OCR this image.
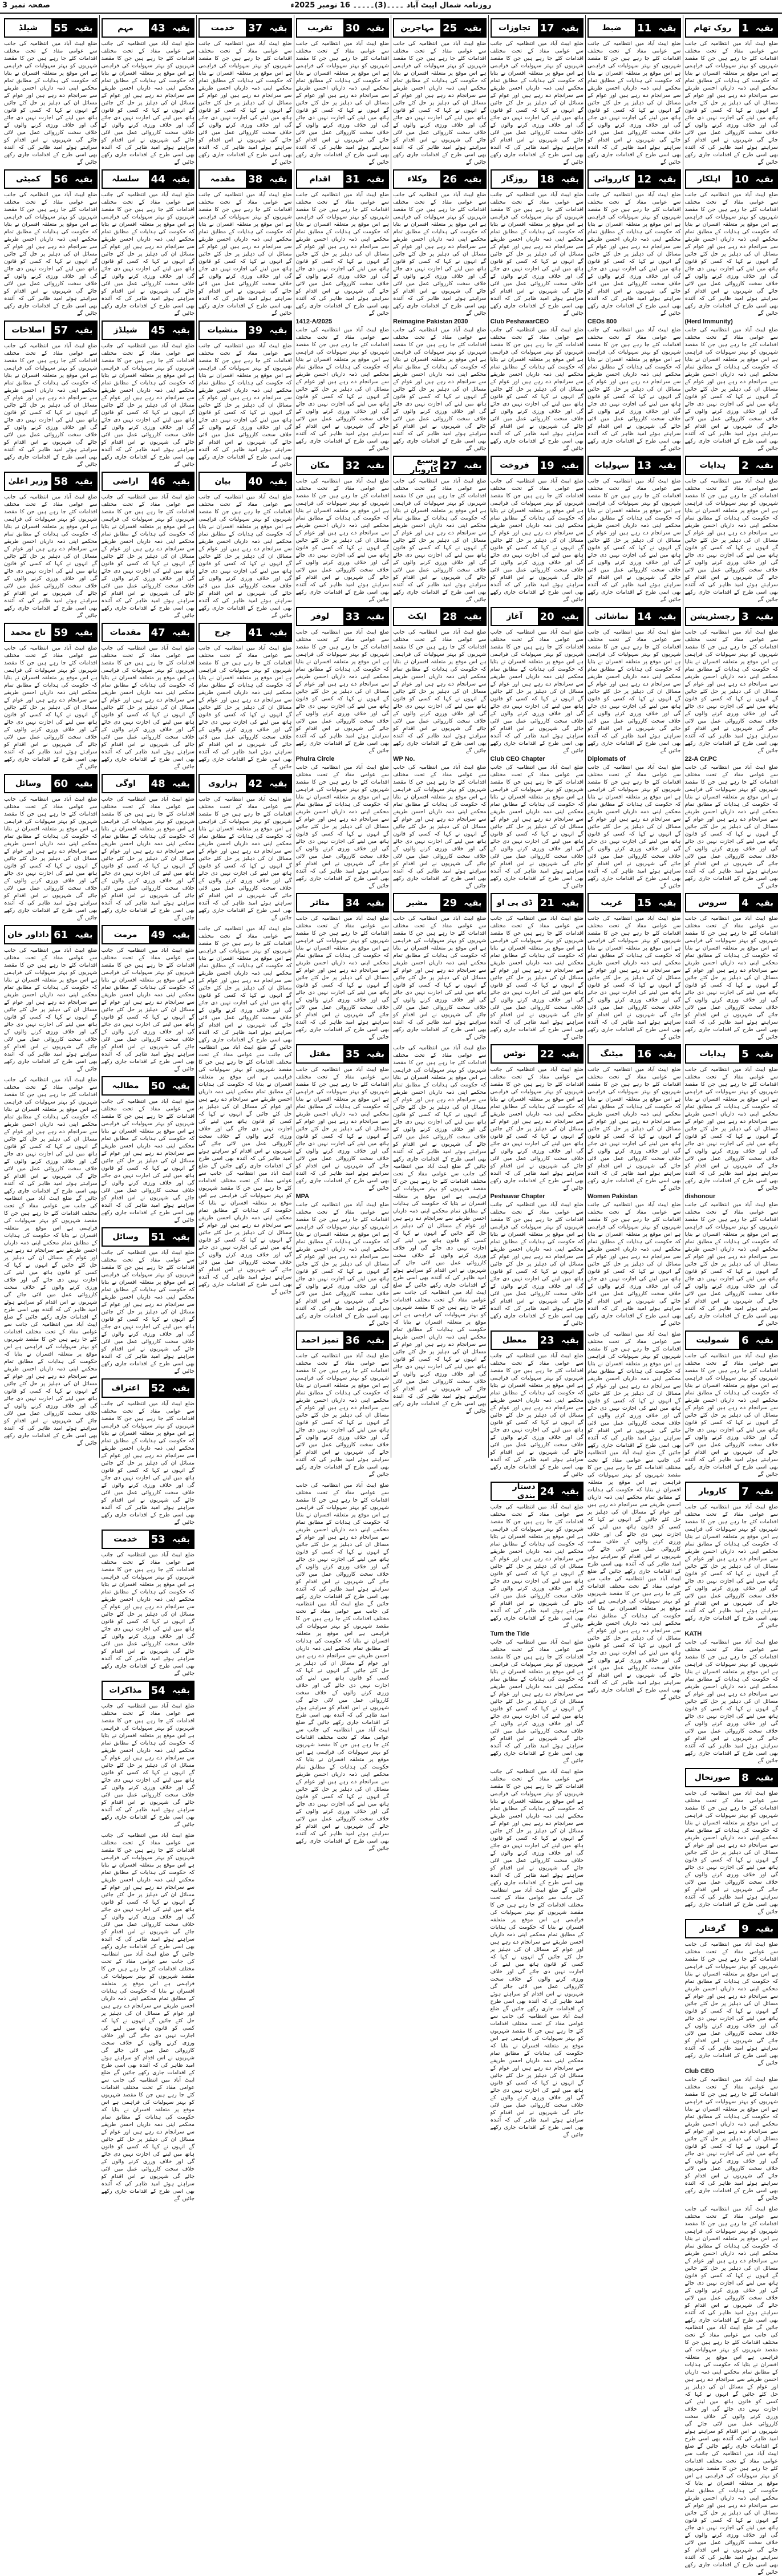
روزنامہ شمال ایبٹ آباد ۔۔۔۔(3)۔۔۔۔۔ 16 نومبر 2025ء
صفحہ نمبر 3
بقیہ
1
روک تھام
ضلع ایبٹ آباد میں انتظامیہ کی جانب سے عوامی مفاد کے تحت مختلف اقدامات کئے جا رہے ہیں جن کا مقصد شہریوں کو بہتر سہولیات کی فراہمی ہے اس موقع پر متعلقہ افسران نے بتایا کہ حکومت کی ہدایات کے مطابق تمام محکمے اپنی ذمہ داریاں احسن طریقے سے سرانجام دے رہے ہیں اور عوام کے مسائل ان کی دہلیز پر حل کئے جائیں گے انہوں نے کہا کہ کسی کو قانون ہاتھ میں لینے کی اجازت نہیں دی جائے گی اور خلاف ورزی کرنے والوں کے خلاف سخت کارروائی عمل میں لائی جائے گی شہریوں نے اس اقدام کو سراہتے ہوئے امید ظاہر کی کہ آئندہ بھی اسی طرح کے اقدامات جاری رکھے جائیں گے
بقیہ
10
اہلکار
ضلع ایبٹ آباد میں انتظامیہ کی جانب سے عوامی مفاد کے تحت مختلف اقدامات کئے جا رہے ہیں جن کا مقصد شہریوں کو بہتر سہولیات کی فراہمی ہے اس موقع پر متعلقہ افسران نے بتایا کہ حکومت کی ہدایات کے مطابق تمام محکمے اپنی ذمہ داریاں احسن طریقے سے سرانجام دے رہے ہیں اور عوام کے مسائل ان کی دہلیز پر حل کئے جائیں گے انہوں نے کہا کہ کسی کو قانون ہاتھ میں لینے کی اجازت نہیں دی جائے گی اور خلاف ورزی کرنے والوں کے خلاف سخت کارروائی عمل میں لائی جائے گی شہریوں نے اس اقدام کو سراہتے ہوئے امید ظاہر کی کہ آئندہ بھی اسی طرح کے اقدامات جاری رکھے جائیں گے
(Herd Immunity)
ضلع ایبٹ آباد میں انتظامیہ کی جانب سے عوامی مفاد کے تحت مختلف اقدامات کئے جا رہے ہیں جن کا مقصد شہریوں کو بہتر سہولیات کی فراہمی ہے اس موقع پر متعلقہ افسران نے بتایا کہ حکومت کی ہدایات کے مطابق تمام محکمے اپنی ذمہ داریاں احسن طریقے سے سرانجام دے رہے ہیں اور عوام کے مسائل ان کی دہلیز پر حل کئے جائیں گے انہوں نے کہا کہ کسی کو قانون ہاتھ میں لینے کی اجازت نہیں دی جائے گی اور خلاف ورزی کرنے والوں کے خلاف سخت کارروائی عمل میں لائی جائے گی شہریوں نے اس اقدام کو سراہتے ہوئے امید ظاہر کی کہ آئندہ بھی اسی طرح کے اقدامات جاری رکھے جائیں گے
بقیہ
2
ہدایات
ضلع ایبٹ آباد میں انتظامیہ کی جانب سے عوامی مفاد کے تحت مختلف اقدامات کئے جا رہے ہیں جن کا مقصد شہریوں کو بہتر سہولیات کی فراہمی ہے اس موقع پر متعلقہ افسران نے بتایا کہ حکومت کی ہدایات کے مطابق تمام محکمے اپنی ذمہ داریاں احسن طریقے سے سرانجام دے رہے ہیں اور عوام کے مسائل ان کی دہلیز پر حل کئے جائیں گے انہوں نے کہا کہ کسی کو قانون ہاتھ میں لینے کی اجازت نہیں دی جائے گی اور خلاف ورزی کرنے والوں کے خلاف سخت کارروائی عمل میں لائی جائے گی شہریوں نے اس اقدام کو سراہتے ہوئے امید ظاہر کی کہ آئندہ بھی اسی طرح کے اقدامات جاری رکھے جائیں گے
بقیہ
3
رجسٹریشن
ضلع ایبٹ آباد میں انتظامیہ کی جانب سے عوامی مفاد کے تحت مختلف اقدامات کئے جا رہے ہیں جن کا مقصد شہریوں کو بہتر سہولیات کی فراہمی ہے اس موقع پر متعلقہ افسران نے بتایا کہ حکومت کی ہدایات کے مطابق تمام محکمے اپنی ذمہ داریاں احسن طریقے سے سرانجام دے رہے ہیں اور عوام کے مسائل ان کی دہلیز پر حل کئے جائیں گے انہوں نے کہا کہ کسی کو قانون ہاتھ میں لینے کی اجازت نہیں دی جائے گی اور خلاف ورزی کرنے والوں کے خلاف سخت کارروائی عمل میں لائی جائے گی شہریوں نے اس اقدام کو سراہتے ہوئے امید ظاہر کی کہ آئندہ بھی اسی طرح کے اقدامات جاری رکھے جائیں گے
22-A Cr.PC
ضلع ایبٹ آباد میں انتظامیہ کی جانب سے عوامی مفاد کے تحت مختلف اقدامات کئے جا رہے ہیں جن کا مقصد شہریوں کو بہتر سہولیات کی فراہمی ہے اس موقع پر متعلقہ افسران نے بتایا کہ حکومت کی ہدایات کے مطابق تمام محکمے اپنی ذمہ داریاں احسن طریقے سے سرانجام دے رہے ہیں اور عوام کے مسائل ان کی دہلیز پر حل کئے جائیں گے انہوں نے کہا کہ کسی کو قانون ہاتھ میں لینے کی اجازت نہیں دی جائے گی اور خلاف ورزی کرنے والوں کے خلاف سخت کارروائی عمل میں لائی جائے گی شہریوں نے اس اقدام کو سراہتے ہوئے امید ظاہر کی کہ آئندہ بھی اسی طرح کے اقدامات جاری رکھے جائیں گے
بقیہ
4
سروس
ضلع ایبٹ آباد میں انتظامیہ کی جانب سے عوامی مفاد کے تحت مختلف اقدامات کئے جا رہے ہیں جن کا مقصد شہریوں کو بہتر سہولیات کی فراہمی ہے اس موقع پر متعلقہ افسران نے بتایا کہ حکومت کی ہدایات کے مطابق تمام محکمے اپنی ذمہ داریاں احسن طریقے سے سرانجام دے رہے ہیں اور عوام کے مسائل ان کی دہلیز پر حل کئے جائیں گے انہوں نے کہا کہ کسی کو قانون ہاتھ میں لینے کی اجازت نہیں دی جائے گی اور خلاف ورزی کرنے والوں کے خلاف سخت کارروائی عمل میں لائی جائے گی شہریوں نے اس اقدام کو سراہتے ہوئے امید ظاہر کی کہ آئندہ بھی اسی طرح کے اقدامات جاری رکھے جائیں گے
بقیہ
5
ہدایات
ضلع ایبٹ آباد میں انتظامیہ کی جانب سے عوامی مفاد کے تحت مختلف اقدامات کئے جا رہے ہیں جن کا مقصد شہریوں کو بہتر سہولیات کی فراہمی ہے اس موقع پر متعلقہ افسران نے بتایا کہ حکومت کی ہدایات کے مطابق تمام محکمے اپنی ذمہ داریاں احسن طریقے سے سرانجام دے رہے ہیں اور عوام کے مسائل ان کی دہلیز پر حل کئے جائیں گے انہوں نے کہا کہ کسی کو قانون ہاتھ میں لینے کی اجازت نہیں دی جائے گی اور خلاف ورزی کرنے والوں کے خلاف سخت کارروائی عمل میں لائی جائے گی شہریوں نے اس اقدام کو سراہتے ہوئے امید ظاہر کی کہ آئندہ بھی اسی طرح کے اقدامات جاری رکھے جائیں گے
dishonour
ضلع ایبٹ آباد میں انتظامیہ کی جانب سے عوامی مفاد کے تحت مختلف اقدامات کئے جا رہے ہیں جن کا مقصد شہریوں کو بہتر سہولیات کی فراہمی ہے اس موقع پر متعلقہ افسران نے بتایا کہ حکومت کی ہدایات کے مطابق تمام محکمے اپنی ذمہ داریاں احسن طریقے سے سرانجام دے رہے ہیں اور عوام کے مسائل ان کی دہلیز پر حل کئے جائیں گے انہوں نے کہا کہ کسی کو قانون ہاتھ میں لینے کی اجازت نہیں دی جائے گی اور خلاف ورزی کرنے والوں کے خلاف سخت کارروائی عمل میں لائی جائے گی شہریوں نے اس اقدام کو سراہتے ہوئے امید ظاہر کی کہ آئندہ بھی اسی طرح کے اقدامات جاری رکھے جائیں گے
بقیہ
6
شمولیت
ضلع ایبٹ آباد میں انتظامیہ کی جانب سے عوامی مفاد کے تحت مختلف اقدامات کئے جا رہے ہیں جن کا مقصد شہریوں کو بہتر سہولیات کی فراہمی ہے اس موقع پر متعلقہ افسران نے بتایا کہ حکومت کی ہدایات کے مطابق تمام محکمے اپنی ذمہ داریاں احسن طریقے سے سرانجام دے رہے ہیں اور عوام کے مسائل ان کی دہلیز پر حل کئے جائیں گے انہوں نے کہا کہ کسی کو قانون ہاتھ میں لینے کی اجازت نہیں دی جائے گی اور خلاف ورزی کرنے والوں کے خلاف سخت کارروائی عمل میں لائی جائے گی شہریوں نے اس اقدام کو سراہتے ہوئے امید ظاہر کی کہ آئندہ بھی اسی طرح کے اقدامات جاری رکھے جائیں گے
بقیہ
7
کاروبار
ضلع ایبٹ آباد میں انتظامیہ کی جانب سے عوامی مفاد کے تحت مختلف اقدامات کئے جا رہے ہیں جن کا مقصد شہریوں کو بہتر سہولیات کی فراہمی ہے اس موقع پر متعلقہ افسران نے بتایا کہ حکومت کی ہدایات کے مطابق تمام محکمے اپنی ذمہ داریاں احسن طریقے سے سرانجام دے رہے ہیں اور عوام کے مسائل ان کی دہلیز پر حل کئے جائیں گے انہوں نے کہا کہ کسی کو قانون ہاتھ میں لینے کی اجازت نہیں دی جائے گی اور خلاف ورزی کرنے والوں کے خلاف سخت کارروائی عمل میں لائی جائے گی شہریوں نے اس اقدام کو سراہتے ہوئے امید ظاہر کی کہ آئندہ بھی اسی طرح کے اقدامات جاری رکھے جائیں گے
KATH
ضلع ایبٹ آباد میں انتظامیہ کی جانب سے عوامی مفاد کے تحت مختلف اقدامات کئے جا رہے ہیں جن کا مقصد شہریوں کو بہتر سہولیات کی فراہمی ہے اس موقع پر متعلقہ افسران نے بتایا کہ حکومت کی ہدایات کے مطابق تمام محکمے اپنی ذمہ داریاں احسن طریقے سے سرانجام دے رہے ہیں اور عوام کے مسائل ان کی دہلیز پر حل کئے جائیں گے انہوں نے کہا کہ کسی کو قانون ہاتھ میں لینے کی اجازت نہیں دی جائے گی اور خلاف ورزی کرنے والوں کے خلاف سخت کارروائی عمل میں لائی جائے گی شہریوں نے اس اقدام کو سراہتے ہوئے امید ظاہر کی کہ آئندہ بھی اسی طرح کے اقدامات جاری رکھے جائیں گے
بقیہ
8
صورتحال
ضلع ایبٹ آباد میں انتظامیہ کی جانب سے عوامی مفاد کے تحت مختلف اقدامات کئے جا رہے ہیں جن کا مقصد شہریوں کو بہتر سہولیات کی فراہمی ہے اس موقع پر متعلقہ افسران نے بتایا کہ حکومت کی ہدایات کے مطابق تمام محکمے اپنی ذمہ داریاں احسن طریقے سے سرانجام دے رہے ہیں اور عوام کے مسائل ان کی دہلیز پر حل کئے جائیں گے انہوں نے کہا کہ کسی کو قانون ہاتھ میں لینے کی اجازت نہیں دی جائے گی اور خلاف ورزی کرنے والوں کے خلاف سخت کارروائی عمل میں لائی جائے گی شہریوں نے اس اقدام کو سراہتے ہوئے امید ظاہر کی کہ آئندہ بھی اسی طرح کے اقدامات جاری رکھے جائیں گے
بقیہ
9
گرفتار
ضلع ایبٹ آباد میں انتظامیہ کی جانب سے عوامی مفاد کے تحت مختلف اقدامات کئے جا رہے ہیں جن کا مقصد شہریوں کو بہتر سہولیات کی فراہمی ہے اس موقع پر متعلقہ افسران نے بتایا کہ حکومت کی ہدایات کے مطابق تمام محکمے اپنی ذمہ داریاں احسن طریقے سے سرانجام دے رہے ہیں اور عوام کے مسائل ان کی دہلیز پر حل کئے جائیں گے انہوں نے کہا کہ کسی کو قانون ہاتھ میں لینے کی اجازت نہیں دی جائے گی اور خلاف ورزی کرنے والوں کے خلاف سخت کارروائی عمل میں لائی جائے گی شہریوں نے اس اقدام کو سراہتے ہوئے امید ظاہر کی کہ آئندہ بھی اسی طرح کے اقدامات جاری رکھے جائیں گے
Club CEO
ضلع ایبٹ آباد میں انتظامیہ کی جانب سے عوامی مفاد کے تحت مختلف اقدامات کئے جا رہے ہیں جن کا مقصد شہریوں کو بہتر سہولیات کی فراہمی ہے اس موقع پر متعلقہ افسران نے بتایا کہ حکومت کی ہدایات کے مطابق تمام محکمے اپنی ذمہ داریاں احسن طریقے سے سرانجام دے رہے ہیں اور عوام کے مسائل ان کی دہلیز پر حل کئے جائیں گے انہوں نے کہا کہ کسی کو قانون ہاتھ میں لینے کی اجازت نہیں دی جائے گی اور خلاف ورزی کرنے والوں کے خلاف سخت کارروائی عمل میں لائی جائے گی شہریوں نے اس اقدام کو سراہتے ہوئے امید ظاہر کی کہ آئندہ بھی اسی طرح کے اقدامات جاری رکھے جائیں گے
ضلع ایبٹ آباد میں انتظامیہ کی جانب سے عوامی مفاد کے تحت مختلف اقدامات کئے جا رہے ہیں جن کا مقصد شہریوں کو بہتر سہولیات کی فراہمی ہے اس موقع پر متعلقہ افسران نے بتایا کہ حکومت کی ہدایات کے مطابق تمام محکمے اپنی ذمہ داریاں احسن طریقے سے سرانجام دے رہے ہیں اور عوام کے مسائل ان کی دہلیز پر حل کئے جائیں گے انہوں نے کہا کہ کسی کو قانون ہاتھ میں لینے کی اجازت نہیں دی جائے گی اور خلاف ورزی کرنے والوں کے خلاف سخت کارروائی عمل میں لائی جائے گی شہریوں نے اس اقدام کو سراہتے ہوئے امید ظاہر کی کہ آئندہ بھی اسی طرح کے اقدامات جاری رکھے جائیں گے ضلع ایبٹ آباد میں انتظامیہ کی جانب سے عوامی مفاد کے تحت مختلف اقدامات کئے جا رہے ہیں جن کا مقصد شہریوں کو بہتر سہولیات کی فراہمی ہے اس موقع پر متعلقہ افسران نے بتایا کہ حکومت کی ہدایات کے مطابق تمام محکمے اپنی ذمہ داریاں احسن طریقے سے سرانجام دے رہے ہیں اور عوام کے مسائل ان کی دہلیز پر حل کئے جائیں گے انہوں نے کہا کہ کسی کو قانون ہاتھ میں لینے کی اجازت نہیں دی جائے گی اور خلاف ورزی کرنے والوں کے خلاف سخت کارروائی عمل میں لائی جائے گی شہریوں نے اس اقدام کو سراہتے ہوئے امید ظاہر کی کہ آئندہ بھی اسی طرح کے اقدامات جاری رکھے جائیں گے ضلع ایبٹ آباد میں انتظامیہ کی جانب سے عوامی مفاد کے تحت مختلف اقدامات کئے جا رہے ہیں جن کا مقصد شہریوں کو بہتر سہولیات کی فراہمی ہے اس موقع پر متعلقہ افسران نے بتایا کہ حکومت کی ہدایات کے مطابق تمام محکمے اپنی ذمہ داریاں احسن طریقے سے سرانجام دے رہے ہیں اور عوام کے مسائل ان کی دہلیز پر حل کئے جائیں گے انہوں نے کہا کہ کسی کو قانون ہاتھ میں لینے کی اجازت نہیں دی جائے گی اور خلاف ورزی کرنے والوں کے خلاف سخت کارروائی عمل میں لائی جائے گی شہریوں نے اس اقدام کو سراہتے ہوئے امید ظاہر کی کہ آئندہ بھی اسی طرح کے اقدامات جاری رکھے جائیں گے
بقیہ
11
ضبط
ضلع ایبٹ آباد میں انتظامیہ کی جانب سے عوامی مفاد کے تحت مختلف اقدامات کئے جا رہے ہیں جن کا مقصد شہریوں کو بہتر سہولیات کی فراہمی ہے اس موقع پر متعلقہ افسران نے بتایا کہ حکومت کی ہدایات کے مطابق تمام محکمے اپنی ذمہ داریاں احسن طریقے سے سرانجام دے رہے ہیں اور عوام کے مسائل ان کی دہلیز پر حل کئے جائیں گے انہوں نے کہا کہ کسی کو قانون ہاتھ میں لینے کی اجازت نہیں دی جائے گی اور خلاف ورزی کرنے والوں کے خلاف سخت کارروائی عمل میں لائی جائے گی شہریوں نے اس اقدام کو سراہتے ہوئے امید ظاہر کی کہ آئندہ بھی اسی طرح کے اقدامات جاری رکھے جائیں گے
بقیہ
12
کارروائی
ضلع ایبٹ آباد میں انتظامیہ کی جانب سے عوامی مفاد کے تحت مختلف اقدامات کئے جا رہے ہیں جن کا مقصد شہریوں کو بہتر سہولیات کی فراہمی ہے اس موقع پر متعلقہ افسران نے بتایا کہ حکومت کی ہدایات کے مطابق تمام محکمے اپنی ذمہ داریاں احسن طریقے سے سرانجام دے رہے ہیں اور عوام کے مسائل ان کی دہلیز پر حل کئے جائیں گے انہوں نے کہا کہ کسی کو قانون ہاتھ میں لینے کی اجازت نہیں دی جائے گی اور خلاف ورزی کرنے والوں کے خلاف سخت کارروائی عمل میں لائی جائے گی شہریوں نے اس اقدام کو سراہتے ہوئے امید ظاہر کی کہ آئندہ بھی اسی طرح کے اقدامات جاری رکھے جائیں گے
CEOs 800
ضلع ایبٹ آباد میں انتظامیہ کی جانب سے عوامی مفاد کے تحت مختلف اقدامات کئے جا رہے ہیں جن کا مقصد شہریوں کو بہتر سہولیات کی فراہمی ہے اس موقع پر متعلقہ افسران نے بتایا کہ حکومت کی ہدایات کے مطابق تمام محکمے اپنی ذمہ داریاں احسن طریقے سے سرانجام دے رہے ہیں اور عوام کے مسائل ان کی دہلیز پر حل کئے جائیں گے انہوں نے کہا کہ کسی کو قانون ہاتھ میں لینے کی اجازت نہیں دی جائے گی اور خلاف ورزی کرنے والوں کے خلاف سخت کارروائی عمل میں لائی جائے گی شہریوں نے اس اقدام کو سراہتے ہوئے امید ظاہر کی کہ آئندہ بھی اسی طرح کے اقدامات جاری رکھے جائیں گے
بقیہ
13
سہولیات
ضلع ایبٹ آباد میں انتظامیہ کی جانب سے عوامی مفاد کے تحت مختلف اقدامات کئے جا رہے ہیں جن کا مقصد شہریوں کو بہتر سہولیات کی فراہمی ہے اس موقع پر متعلقہ افسران نے بتایا کہ حکومت کی ہدایات کے مطابق تمام محکمے اپنی ذمہ داریاں احسن طریقے سے سرانجام دے رہے ہیں اور عوام کے مسائل ان کی دہلیز پر حل کئے جائیں گے انہوں نے کہا کہ کسی کو قانون ہاتھ میں لینے کی اجازت نہیں دی جائے گی اور خلاف ورزی کرنے والوں کے خلاف سخت کارروائی عمل میں لائی جائے گی شہریوں نے اس اقدام کو سراہتے ہوئے امید ظاہر کی کہ آئندہ بھی اسی طرح کے اقدامات جاری رکھے جائیں گے
بقیہ
14
تماشائی
ضلع ایبٹ آباد میں انتظامیہ کی جانب سے عوامی مفاد کے تحت مختلف اقدامات کئے جا رہے ہیں جن کا مقصد شہریوں کو بہتر سہولیات کی فراہمی ہے اس موقع پر متعلقہ افسران نے بتایا کہ حکومت کی ہدایات کے مطابق تمام محکمے اپنی ذمہ داریاں احسن طریقے سے سرانجام دے رہے ہیں اور عوام کے مسائل ان کی دہلیز پر حل کئے جائیں گے انہوں نے کہا کہ کسی کو قانون ہاتھ میں لینے کی اجازت نہیں دی جائے گی اور خلاف ورزی کرنے والوں کے خلاف سخت کارروائی عمل میں لائی جائے گی شہریوں نے اس اقدام کو سراہتے ہوئے امید ظاہر کی کہ آئندہ بھی اسی طرح کے اقدامات جاری رکھے جائیں گے
Diplomats of
ضلع ایبٹ آباد میں انتظامیہ کی جانب سے عوامی مفاد کے تحت مختلف اقدامات کئے جا رہے ہیں جن کا مقصد شہریوں کو بہتر سہولیات کی فراہمی ہے اس موقع پر متعلقہ افسران نے بتایا کہ حکومت کی ہدایات کے مطابق تمام محکمے اپنی ذمہ داریاں احسن طریقے سے سرانجام دے رہے ہیں اور عوام کے مسائل ان کی دہلیز پر حل کئے جائیں گے انہوں نے کہا کہ کسی کو قانون ہاتھ میں لینے کی اجازت نہیں دی جائے گی اور خلاف ورزی کرنے والوں کے خلاف سخت کارروائی عمل میں لائی جائے گی شہریوں نے اس اقدام کو سراہتے ہوئے امید ظاہر کی کہ آئندہ بھی اسی طرح کے اقدامات جاری رکھے جائیں گے
بقیہ
15
غریب
ضلع ایبٹ آباد میں انتظامیہ کی جانب سے عوامی مفاد کے تحت مختلف اقدامات کئے جا رہے ہیں جن کا مقصد شہریوں کو بہتر سہولیات کی فراہمی ہے اس موقع پر متعلقہ افسران نے بتایا کہ حکومت کی ہدایات کے مطابق تمام محکمے اپنی ذمہ داریاں احسن طریقے سے سرانجام دے رہے ہیں اور عوام کے مسائل ان کی دہلیز پر حل کئے جائیں گے انہوں نے کہا کہ کسی کو قانون ہاتھ میں لینے کی اجازت نہیں دی جائے گی اور خلاف ورزی کرنے والوں کے خلاف سخت کارروائی عمل میں لائی جائے گی شہریوں نے اس اقدام کو سراہتے ہوئے امید ظاہر کی کہ آئندہ بھی اسی طرح کے اقدامات جاری رکھے جائیں گے
بقیہ
16
میٹنگ
ضلع ایبٹ آباد میں انتظامیہ کی جانب سے عوامی مفاد کے تحت مختلف اقدامات کئے جا رہے ہیں جن کا مقصد شہریوں کو بہتر سہولیات کی فراہمی ہے اس موقع پر متعلقہ افسران نے بتایا کہ حکومت کی ہدایات کے مطابق تمام محکمے اپنی ذمہ داریاں احسن طریقے سے سرانجام دے رہے ہیں اور عوام کے مسائل ان کی دہلیز پر حل کئے جائیں گے انہوں نے کہا کہ کسی کو قانون ہاتھ میں لینے کی اجازت نہیں دی جائے گی اور خلاف ورزی کرنے والوں کے خلاف سخت کارروائی عمل میں لائی جائے گی شہریوں نے اس اقدام کو سراہتے ہوئے امید ظاہر کی کہ آئندہ بھی اسی طرح کے اقدامات جاری رکھے جائیں گے
Women Pakistan
ضلع ایبٹ آباد میں انتظامیہ کی جانب سے عوامی مفاد کے تحت مختلف اقدامات کئے جا رہے ہیں جن کا مقصد شہریوں کو بہتر سہولیات کی فراہمی ہے اس موقع پر متعلقہ افسران نے بتایا کہ حکومت کی ہدایات کے مطابق تمام محکمے اپنی ذمہ داریاں احسن طریقے سے سرانجام دے رہے ہیں اور عوام کے مسائل ان کی دہلیز پر حل کئے جائیں گے انہوں نے کہا کہ کسی کو قانون ہاتھ میں لینے کی اجازت نہیں دی جائے گی اور خلاف ورزی کرنے والوں کے خلاف سخت کارروائی عمل میں لائی جائے گی شہریوں نے اس اقدام کو سراہتے ہوئے امید ظاہر کی کہ آئندہ بھی اسی طرح کے اقدامات جاری رکھے جائیں گے
ضلع ایبٹ آباد میں انتظامیہ کی جانب سے عوامی مفاد کے تحت مختلف اقدامات کئے جا رہے ہیں جن کا مقصد شہریوں کو بہتر سہولیات کی فراہمی ہے اس موقع پر متعلقہ افسران نے بتایا کہ حکومت کی ہدایات کے مطابق تمام محکمے اپنی ذمہ داریاں احسن طریقے سے سرانجام دے رہے ہیں اور عوام کے مسائل ان کی دہلیز پر حل کئے جائیں گے انہوں نے کہا کہ کسی کو قانون ہاتھ میں لینے کی اجازت نہیں دی جائے گی اور خلاف ورزی کرنے والوں کے خلاف سخت کارروائی عمل میں لائی جائے گی شہریوں نے اس اقدام کو سراہتے ہوئے امید ظاہر کی کہ آئندہ بھی اسی طرح کے اقدامات جاری رکھے جائیں گے ضلع ایبٹ آباد میں انتظامیہ کی جانب سے عوامی مفاد کے تحت مختلف اقدامات کئے جا رہے ہیں جن کا مقصد شہریوں کو بہتر سہولیات کی فراہمی ہے اس موقع پر متعلقہ افسران نے بتایا کہ حکومت کی ہدایات کے مطابق تمام محکمے اپنی ذمہ داریاں احسن طریقے سے سرانجام دے رہے ہیں اور عوام کے مسائل ان کی دہلیز پر حل کئے جائیں گے انہوں نے کہا کہ کسی کو قانون ہاتھ میں لینے کی اجازت نہیں دی جائے گی اور خلاف ورزی کرنے والوں کے خلاف سخت کارروائی عمل میں لائی جائے گی شہریوں نے اس اقدام کو سراہتے ہوئے امید ظاہر کی کہ آئندہ بھی اسی طرح کے اقدامات جاری رکھے جائیں گے ضلع ایبٹ آباد میں انتظامیہ کی جانب سے عوامی مفاد کے تحت مختلف اقدامات کئے جا رہے ہیں جن کا مقصد شہریوں کو بہتر سہولیات کی فراہمی ہے اس موقع پر متعلقہ افسران نے بتایا کہ حکومت کی ہدایات کے مطابق تمام محکمے اپنی ذمہ داریاں احسن طریقے سے سرانجام دے رہے ہیں اور عوام کے مسائل ان کی دہلیز پر حل کئے جائیں گے انہوں نے کہا کہ کسی کو قانون ہاتھ میں لینے کی اجازت نہیں دی جائے گی اور خلاف ورزی کرنے والوں کے خلاف سخت کارروائی عمل میں لائی جائے گی شہریوں نے اس اقدام کو سراہتے ہوئے امید ظاہر کی کہ آئندہ بھی اسی طرح کے اقدامات جاری رکھے جائیں گے
بقیہ
17
تجاوزات
ضلع ایبٹ آباد میں انتظامیہ کی جانب سے عوامی مفاد کے تحت مختلف اقدامات کئے جا رہے ہیں جن کا مقصد شہریوں کو بہتر سہولیات کی فراہمی ہے اس موقع پر متعلقہ افسران نے بتایا کہ حکومت کی ہدایات کے مطابق تمام محکمے اپنی ذمہ داریاں احسن طریقے سے سرانجام دے رہے ہیں اور عوام کے مسائل ان کی دہلیز پر حل کئے جائیں گے انہوں نے کہا کہ کسی کو قانون ہاتھ میں لینے کی اجازت نہیں دی جائے گی اور خلاف ورزی کرنے والوں کے خلاف سخت کارروائی عمل میں لائی جائے گی شہریوں نے اس اقدام کو سراہتے ہوئے امید ظاہر کی کہ آئندہ بھی اسی طرح کے اقدامات جاری رکھے جائیں گے
بقیہ
18
روزگار
ضلع ایبٹ آباد میں انتظامیہ کی جانب سے عوامی مفاد کے تحت مختلف اقدامات کئے جا رہے ہیں جن کا مقصد شہریوں کو بہتر سہولیات کی فراہمی ہے اس موقع پر متعلقہ افسران نے بتایا کہ حکومت کی ہدایات کے مطابق تمام محکمے اپنی ذمہ داریاں احسن طریقے سے سرانجام دے رہے ہیں اور عوام کے مسائل ان کی دہلیز پر حل کئے جائیں گے انہوں نے کہا کہ کسی کو قانون ہاتھ میں لینے کی اجازت نہیں دی جائے گی اور خلاف ورزی کرنے والوں کے خلاف سخت کارروائی عمل میں لائی جائے گی شہریوں نے اس اقدام کو سراہتے ہوئے امید ظاہر کی کہ آئندہ بھی اسی طرح کے اقدامات جاری رکھے جائیں گے
Club PeshawarCEO
ضلع ایبٹ آباد میں انتظامیہ کی جانب سے عوامی مفاد کے تحت مختلف اقدامات کئے جا رہے ہیں جن کا مقصد شہریوں کو بہتر سہولیات کی فراہمی ہے اس موقع پر متعلقہ افسران نے بتایا کہ حکومت کی ہدایات کے مطابق تمام محکمے اپنی ذمہ داریاں احسن طریقے سے سرانجام دے رہے ہیں اور عوام کے مسائل ان کی دہلیز پر حل کئے جائیں گے انہوں نے کہا کہ کسی کو قانون ہاتھ میں لینے کی اجازت نہیں دی جائے گی اور خلاف ورزی کرنے والوں کے خلاف سخت کارروائی عمل میں لائی جائے گی شہریوں نے اس اقدام کو سراہتے ہوئے امید ظاہر کی کہ آئندہ بھی اسی طرح کے اقدامات جاری رکھے جائیں گے
بقیہ
19
فروخت
ضلع ایبٹ آباد میں انتظامیہ کی جانب سے عوامی مفاد کے تحت مختلف اقدامات کئے جا رہے ہیں جن کا مقصد شہریوں کو بہتر سہولیات کی فراہمی ہے اس موقع پر متعلقہ افسران نے بتایا کہ حکومت کی ہدایات کے مطابق تمام محکمے اپنی ذمہ داریاں احسن طریقے سے سرانجام دے رہے ہیں اور عوام کے مسائل ان کی دہلیز پر حل کئے جائیں گے انہوں نے کہا کہ کسی کو قانون ہاتھ میں لینے کی اجازت نہیں دی جائے گی اور خلاف ورزی کرنے والوں کے خلاف سخت کارروائی عمل میں لائی جائے گی شہریوں نے اس اقدام کو سراہتے ہوئے امید ظاہر کی کہ آئندہ بھی اسی طرح کے اقدامات جاری رکھے جائیں گے
بقیہ
20
آغاز
ضلع ایبٹ آباد میں انتظامیہ کی جانب سے عوامی مفاد کے تحت مختلف اقدامات کئے جا رہے ہیں جن کا مقصد شہریوں کو بہتر سہولیات کی فراہمی ہے اس موقع پر متعلقہ افسران نے بتایا کہ حکومت کی ہدایات کے مطابق تمام محکمے اپنی ذمہ داریاں احسن طریقے سے سرانجام دے رہے ہیں اور عوام کے مسائل ان کی دہلیز پر حل کئے جائیں گے انہوں نے کہا کہ کسی کو قانون ہاتھ میں لینے کی اجازت نہیں دی جائے گی اور خلاف ورزی کرنے والوں کے خلاف سخت کارروائی عمل میں لائی جائے گی شہریوں نے اس اقدام کو سراہتے ہوئے امید ظاہر کی کہ آئندہ بھی اسی طرح کے اقدامات جاری رکھے جائیں گے
Club CEO Chapter
ضلع ایبٹ آباد میں انتظامیہ کی جانب سے عوامی مفاد کے تحت مختلف اقدامات کئے جا رہے ہیں جن کا مقصد شہریوں کو بہتر سہولیات کی فراہمی ہے اس موقع پر متعلقہ افسران نے بتایا کہ حکومت کی ہدایات کے مطابق تمام محکمے اپنی ذمہ داریاں احسن طریقے سے سرانجام دے رہے ہیں اور عوام کے مسائل ان کی دہلیز پر حل کئے جائیں گے انہوں نے کہا کہ کسی کو قانون ہاتھ میں لینے کی اجازت نہیں دی جائے گی اور خلاف ورزی کرنے والوں کے خلاف سخت کارروائی عمل میں لائی جائے گی شہریوں نے اس اقدام کو سراہتے ہوئے امید ظاہر کی کہ آئندہ بھی اسی طرح کے اقدامات جاری رکھے جائیں گے
بقیہ
21
ڈی پی او
ضلع ایبٹ آباد میں انتظامیہ کی جانب سے عوامی مفاد کے تحت مختلف اقدامات کئے جا رہے ہیں جن کا مقصد شہریوں کو بہتر سہولیات کی فراہمی ہے اس موقع پر متعلقہ افسران نے بتایا کہ حکومت کی ہدایات کے مطابق تمام محکمے اپنی ذمہ داریاں احسن طریقے سے سرانجام دے رہے ہیں اور عوام کے مسائل ان کی دہلیز پر حل کئے جائیں گے انہوں نے کہا کہ کسی کو قانون ہاتھ میں لینے کی اجازت نہیں دی جائے گی اور خلاف ورزی کرنے والوں کے خلاف سخت کارروائی عمل میں لائی جائے گی شہریوں نے اس اقدام کو سراہتے ہوئے امید ظاہر کی کہ آئندہ بھی اسی طرح کے اقدامات جاری رکھے جائیں گے
بقیہ
22
نوٹس
ضلع ایبٹ آباد میں انتظامیہ کی جانب سے عوامی مفاد کے تحت مختلف اقدامات کئے جا رہے ہیں جن کا مقصد شہریوں کو بہتر سہولیات کی فراہمی ہے اس موقع پر متعلقہ افسران نے بتایا کہ حکومت کی ہدایات کے مطابق تمام محکمے اپنی ذمہ داریاں احسن طریقے سے سرانجام دے رہے ہیں اور عوام کے مسائل ان کی دہلیز پر حل کئے جائیں گے انہوں نے کہا کہ کسی کو قانون ہاتھ میں لینے کی اجازت نہیں دی جائے گی اور خلاف ورزی کرنے والوں کے خلاف سخت کارروائی عمل میں لائی جائے گی شہریوں نے اس اقدام کو سراہتے ہوئے امید ظاہر کی کہ آئندہ بھی اسی طرح کے اقدامات جاری رکھے جائیں گے
Peshawar Chapter
ضلع ایبٹ آباد میں انتظامیہ کی جانب سے عوامی مفاد کے تحت مختلف اقدامات کئے جا رہے ہیں جن کا مقصد شہریوں کو بہتر سہولیات کی فراہمی ہے اس موقع پر متعلقہ افسران نے بتایا کہ حکومت کی ہدایات کے مطابق تمام محکمے اپنی ذمہ داریاں احسن طریقے سے سرانجام دے رہے ہیں اور عوام کے مسائل ان کی دہلیز پر حل کئے جائیں گے انہوں نے کہا کہ کسی کو قانون ہاتھ میں لینے کی اجازت نہیں دی جائے گی اور خلاف ورزی کرنے والوں کے خلاف سخت کارروائی عمل میں لائی جائے گی شہریوں نے اس اقدام کو سراہتے ہوئے امید ظاہر کی کہ آئندہ بھی اسی طرح کے اقدامات جاری رکھے جائیں گے
بقیہ
23
معطل
ضلع ایبٹ آباد میں انتظامیہ کی جانب سے عوامی مفاد کے تحت مختلف اقدامات کئے جا رہے ہیں جن کا مقصد شہریوں کو بہتر سہولیات کی فراہمی ہے اس موقع پر متعلقہ افسران نے بتایا کہ حکومت کی ہدایات کے مطابق تمام محکمے اپنی ذمہ داریاں احسن طریقے سے سرانجام دے رہے ہیں اور عوام کے مسائل ان کی دہلیز پر حل کئے جائیں گے انہوں نے کہا کہ کسی کو قانون ہاتھ میں لینے کی اجازت نہیں دی جائے گی اور خلاف ورزی کرنے والوں کے خلاف سخت کارروائی عمل میں لائی جائے گی شہریوں نے اس اقدام کو سراہتے ہوئے امید ظاہر کی کہ آئندہ بھی اسی طرح کے اقدامات جاری رکھے جائیں گے
بقیہ
24
دستار بندی
ضلع ایبٹ آباد میں انتظامیہ کی جانب سے عوامی مفاد کے تحت مختلف اقدامات کئے جا رہے ہیں جن کا مقصد شہریوں کو بہتر سہولیات کی فراہمی ہے اس موقع پر متعلقہ افسران نے بتایا کہ حکومت کی ہدایات کے مطابق تمام محکمے اپنی ذمہ داریاں احسن طریقے سے سرانجام دے رہے ہیں اور عوام کے مسائل ان کی دہلیز پر حل کئے جائیں گے انہوں نے کہا کہ کسی کو قانون ہاتھ میں لینے کی اجازت نہیں دی جائے گی اور خلاف ورزی کرنے والوں کے خلاف سخت کارروائی عمل میں لائی جائے گی شہریوں نے اس اقدام کو سراہتے ہوئے امید ظاہر کی کہ آئندہ بھی اسی طرح کے اقدامات جاری رکھے جائیں گے
Turn the Tide
ضلع ایبٹ آباد میں انتظامیہ کی جانب سے عوامی مفاد کے تحت مختلف اقدامات کئے جا رہے ہیں جن کا مقصد شہریوں کو بہتر سہولیات کی فراہمی ہے اس موقع پر متعلقہ افسران نے بتایا کہ حکومت کی ہدایات کے مطابق تمام محکمے اپنی ذمہ داریاں احسن طریقے سے سرانجام دے رہے ہیں اور عوام کے مسائل ان کی دہلیز پر حل کئے جائیں گے انہوں نے کہا کہ کسی کو قانون ہاتھ میں لینے کی اجازت نہیں دی جائے گی اور خلاف ورزی کرنے والوں کے خلاف سخت کارروائی عمل میں لائی جائے گی شہریوں نے اس اقدام کو سراہتے ہوئے امید ظاہر کی کہ آئندہ بھی اسی طرح کے اقدامات جاری رکھے جائیں گے
ضلع ایبٹ آباد میں انتظامیہ کی جانب سے عوامی مفاد کے تحت مختلف اقدامات کئے جا رہے ہیں جن کا مقصد شہریوں کو بہتر سہولیات کی فراہمی ہے اس موقع پر متعلقہ افسران نے بتایا کہ حکومت کی ہدایات کے مطابق تمام محکمے اپنی ذمہ داریاں احسن طریقے سے سرانجام دے رہے ہیں اور عوام کے مسائل ان کی دہلیز پر حل کئے جائیں گے انہوں نے کہا کہ کسی کو قانون ہاتھ میں لینے کی اجازت نہیں دی جائے گی اور خلاف ورزی کرنے والوں کے خلاف سخت کارروائی عمل میں لائی جائے گی شہریوں نے اس اقدام کو سراہتے ہوئے امید ظاہر کی کہ آئندہ بھی اسی طرح کے اقدامات جاری رکھے جائیں گے ضلع ایبٹ آباد میں انتظامیہ کی جانب سے عوامی مفاد کے تحت مختلف اقدامات کئے جا رہے ہیں جن کا مقصد شہریوں کو بہتر سہولیات کی فراہمی ہے اس موقع پر متعلقہ افسران نے بتایا کہ حکومت کی ہدایات کے مطابق تمام محکمے اپنی ذمہ داریاں احسن طریقے سے سرانجام دے رہے ہیں اور عوام کے مسائل ان کی دہلیز پر حل کئے جائیں گے انہوں نے کہا کہ کسی کو قانون ہاتھ میں لینے کی اجازت نہیں دی جائے گی اور خلاف ورزی کرنے والوں کے خلاف سخت کارروائی عمل میں لائی جائے گی شہریوں نے اس اقدام کو سراہتے ہوئے امید ظاہر کی کہ آئندہ بھی اسی طرح کے اقدامات جاری رکھے جائیں گے ضلع ایبٹ آباد میں انتظامیہ کی جانب سے عوامی مفاد کے تحت مختلف اقدامات کئے جا رہے ہیں جن کا مقصد شہریوں کو بہتر سہولیات کی فراہمی ہے اس موقع پر متعلقہ افسران نے بتایا کہ حکومت کی ہدایات کے مطابق تمام محکمے اپنی ذمہ داریاں احسن طریقے سے سرانجام دے رہے ہیں اور عوام کے مسائل ان کی دہلیز پر حل کئے جائیں گے انہوں نے کہا کہ کسی کو قانون ہاتھ میں لینے کی اجازت نہیں دی جائے گی اور خلاف ورزی کرنے والوں کے خلاف سخت کارروائی عمل میں لائی جائے گی شہریوں نے اس اقدام کو سراہتے ہوئے امید ظاہر کی کہ آئندہ بھی اسی طرح کے اقدامات جاری رکھے جائیں گے
بقیہ
25
مہاجرین
ضلع ایبٹ آباد میں انتظامیہ کی جانب سے عوامی مفاد کے تحت مختلف اقدامات کئے جا رہے ہیں جن کا مقصد شہریوں کو بہتر سہولیات کی فراہمی ہے اس موقع پر متعلقہ افسران نے بتایا کہ حکومت کی ہدایات کے مطابق تمام محکمے اپنی ذمہ داریاں احسن طریقے سے سرانجام دے رہے ہیں اور عوام کے مسائل ان کی دہلیز پر حل کئے جائیں گے انہوں نے کہا کہ کسی کو قانون ہاتھ میں لینے کی اجازت نہیں دی جائے گی اور خلاف ورزی کرنے والوں کے خلاف سخت کارروائی عمل میں لائی جائے گی شہریوں نے اس اقدام کو سراہتے ہوئے امید ظاہر کی کہ آئندہ بھی اسی طرح کے اقدامات جاری رکھے جائیں گے
بقیہ
26
وکلاء
ضلع ایبٹ آباد میں انتظامیہ کی جانب سے عوامی مفاد کے تحت مختلف اقدامات کئے جا رہے ہیں جن کا مقصد شہریوں کو بہتر سہولیات کی فراہمی ہے اس موقع پر متعلقہ افسران نے بتایا کہ حکومت کی ہدایات کے مطابق تمام محکمے اپنی ذمہ داریاں احسن طریقے سے سرانجام دے رہے ہیں اور عوام کے مسائل ان کی دہلیز پر حل کئے جائیں گے انہوں نے کہا کہ کسی کو قانون ہاتھ میں لینے کی اجازت نہیں دی جائے گی اور خلاف ورزی کرنے والوں کے خلاف سخت کارروائی عمل میں لائی جائے گی شہریوں نے اس اقدام کو سراہتے ہوئے امید ظاہر کی کہ آئندہ بھی اسی طرح کے اقدامات جاری رکھے جائیں گے
Reimagine Pakistan 2030
ضلع ایبٹ آباد میں انتظامیہ کی جانب سے عوامی مفاد کے تحت مختلف اقدامات کئے جا رہے ہیں جن کا مقصد شہریوں کو بہتر سہولیات کی فراہمی ہے اس موقع پر متعلقہ افسران نے بتایا کہ حکومت کی ہدایات کے مطابق تمام محکمے اپنی ذمہ داریاں احسن طریقے سے سرانجام دے رہے ہیں اور عوام کے مسائل ان کی دہلیز پر حل کئے جائیں گے انہوں نے کہا کہ کسی کو قانون ہاتھ میں لینے کی اجازت نہیں دی جائے گی اور خلاف ورزی کرنے والوں کے خلاف سخت کارروائی عمل میں لائی جائے گی شہریوں نے اس اقدام کو سراہتے ہوئے امید ظاہر کی کہ آئندہ بھی اسی طرح کے اقدامات جاری رکھے جائیں گے
بقیہ
27
وسیع کاروبار
ضلع ایبٹ آباد میں انتظامیہ کی جانب سے عوامی مفاد کے تحت مختلف اقدامات کئے جا رہے ہیں جن کا مقصد شہریوں کو بہتر سہولیات کی فراہمی ہے اس موقع پر متعلقہ افسران نے بتایا کہ حکومت کی ہدایات کے مطابق تمام محکمے اپنی ذمہ داریاں احسن طریقے سے سرانجام دے رہے ہیں اور عوام کے مسائل ان کی دہلیز پر حل کئے جائیں گے انہوں نے کہا کہ کسی کو قانون ہاتھ میں لینے کی اجازت نہیں دی جائے گی اور خلاف ورزی کرنے والوں کے خلاف سخت کارروائی عمل میں لائی جائے گی شہریوں نے اس اقدام کو سراہتے ہوئے امید ظاہر کی کہ آئندہ بھی اسی طرح کے اقدامات جاری رکھے جائیں گے
بقیہ
28
ایکٹ
ضلع ایبٹ آباد میں انتظامیہ کی جانب سے عوامی مفاد کے تحت مختلف اقدامات کئے جا رہے ہیں جن کا مقصد شہریوں کو بہتر سہولیات کی فراہمی ہے اس موقع پر متعلقہ افسران نے بتایا کہ حکومت کی ہدایات کے مطابق تمام محکمے اپنی ذمہ داریاں احسن طریقے سے سرانجام دے رہے ہیں اور عوام کے مسائل ان کی دہلیز پر حل کئے جائیں گے انہوں نے کہا کہ کسی کو قانون ہاتھ میں لینے کی اجازت نہیں دی جائے گی اور خلاف ورزی کرنے والوں کے خلاف سخت کارروائی عمل میں لائی جائے گی شہریوں نے اس اقدام کو سراہتے ہوئے امید ظاہر کی کہ آئندہ بھی اسی طرح کے اقدامات جاری رکھے جائیں گے
WP No.
ضلع ایبٹ آباد میں انتظامیہ کی جانب سے عوامی مفاد کے تحت مختلف اقدامات کئے جا رہے ہیں جن کا مقصد شہریوں کو بہتر سہولیات کی فراہمی ہے اس موقع پر متعلقہ افسران نے بتایا کہ حکومت کی ہدایات کے مطابق تمام محکمے اپنی ذمہ داریاں احسن طریقے سے سرانجام دے رہے ہیں اور عوام کے مسائل ان کی دہلیز پر حل کئے جائیں گے انہوں نے کہا کہ کسی کو قانون ہاتھ میں لینے کی اجازت نہیں دی جائے گی اور خلاف ورزی کرنے والوں کے خلاف سخت کارروائی عمل میں لائی جائے گی شہریوں نے اس اقدام کو سراہتے ہوئے امید ظاہر کی کہ آئندہ بھی اسی طرح کے اقدامات جاری رکھے جائیں گے
بقیہ
29
مشیر
ضلع ایبٹ آباد میں انتظامیہ کی جانب سے عوامی مفاد کے تحت مختلف اقدامات کئے جا رہے ہیں جن کا مقصد شہریوں کو بہتر سہولیات کی فراہمی ہے اس موقع پر متعلقہ افسران نے بتایا کہ حکومت کی ہدایات کے مطابق تمام محکمے اپنی ذمہ داریاں احسن طریقے سے سرانجام دے رہے ہیں اور عوام کے مسائل ان کی دہلیز پر حل کئے جائیں گے انہوں نے کہا کہ کسی کو قانون ہاتھ میں لینے کی اجازت نہیں دی جائے گی اور خلاف ورزی کرنے والوں کے خلاف سخت کارروائی عمل میں لائی جائے گی شہریوں نے اس اقدام کو سراہتے ہوئے امید ظاہر کی کہ آئندہ بھی اسی طرح کے اقدامات جاری رکھے جائیں گے
ضلع ایبٹ آباد میں انتظامیہ کی جانب سے عوامی مفاد کے تحت مختلف اقدامات کئے جا رہے ہیں جن کا مقصد شہریوں کو بہتر سہولیات کی فراہمی ہے اس موقع پر متعلقہ افسران نے بتایا کہ حکومت کی ہدایات کے مطابق تمام محکمے اپنی ذمہ داریاں احسن طریقے سے سرانجام دے رہے ہیں اور عوام کے مسائل ان کی دہلیز پر حل کئے جائیں گے انہوں نے کہا کہ کسی کو قانون ہاتھ میں لینے کی اجازت نہیں دی جائے گی اور خلاف ورزی کرنے والوں کے خلاف سخت کارروائی عمل میں لائی جائے گی شہریوں نے اس اقدام کو سراہتے ہوئے امید ظاہر کی کہ آئندہ بھی اسی طرح کے اقدامات جاری رکھے جائیں گے ضلع ایبٹ آباد میں انتظامیہ کی جانب سے عوامی مفاد کے تحت مختلف اقدامات کئے جا رہے ہیں جن کا مقصد شہریوں کو بہتر سہولیات کی فراہمی ہے اس موقع پر متعلقہ افسران نے بتایا کہ حکومت کی ہدایات کے مطابق تمام محکمے اپنی ذمہ داریاں احسن طریقے سے سرانجام دے رہے ہیں اور عوام کے مسائل ان کی دہلیز پر حل کئے جائیں گے انہوں نے کہا کہ کسی کو قانون ہاتھ میں لینے کی اجازت نہیں دی جائے گی اور خلاف ورزی کرنے والوں کے خلاف سخت کارروائی عمل میں لائی جائے گی شہریوں نے اس اقدام کو سراہتے ہوئے امید ظاہر کی کہ آئندہ بھی اسی طرح کے اقدامات جاری رکھے جائیں گے ضلع ایبٹ آباد میں انتظامیہ کی جانب سے عوامی مفاد کے تحت مختلف اقدامات کئے جا رہے ہیں جن کا مقصد شہریوں کو بہتر سہولیات کی فراہمی ہے اس موقع پر متعلقہ افسران نے بتایا کہ حکومت کی ہدایات کے مطابق تمام محکمے اپنی ذمہ داریاں احسن طریقے سے سرانجام دے رہے ہیں اور عوام کے مسائل ان کی دہلیز پر حل کئے جائیں گے انہوں نے کہا کہ کسی کو قانون ہاتھ میں لینے کی اجازت نہیں دی جائے گی اور خلاف ورزی کرنے والوں کے خلاف سخت کارروائی عمل میں لائی جائے گی شہریوں نے اس اقدام کو سراہتے ہوئے امید ظاہر کی کہ آئندہ بھی اسی طرح کے اقدامات جاری رکھے جائیں گے
بقیہ
30
تقریب
ضلع ایبٹ آباد میں انتظامیہ کی جانب سے عوامی مفاد کے تحت مختلف اقدامات کئے جا رہے ہیں جن کا مقصد شہریوں کو بہتر سہولیات کی فراہمی ہے اس موقع پر متعلقہ افسران نے بتایا کہ حکومت کی ہدایات کے مطابق تمام محکمے اپنی ذمہ داریاں احسن طریقے سے سرانجام دے رہے ہیں اور عوام کے مسائل ان کی دہلیز پر حل کئے جائیں گے انہوں نے کہا کہ کسی کو قانون ہاتھ میں لینے کی اجازت نہیں دی جائے گی اور خلاف ورزی کرنے والوں کے خلاف سخت کارروائی عمل میں لائی جائے گی شہریوں نے اس اقدام کو سراہتے ہوئے امید ظاہر کی کہ آئندہ بھی اسی طرح کے اقدامات جاری رکھے جائیں گے
بقیہ
31
اقدام
ضلع ایبٹ آباد میں انتظامیہ کی جانب سے عوامی مفاد کے تحت مختلف اقدامات کئے جا رہے ہیں جن کا مقصد شہریوں کو بہتر سہولیات کی فراہمی ہے اس موقع پر متعلقہ افسران نے بتایا کہ حکومت کی ہدایات کے مطابق تمام محکمے اپنی ذمہ داریاں احسن طریقے سے سرانجام دے رہے ہیں اور عوام کے مسائل ان کی دہلیز پر حل کئے جائیں گے انہوں نے کہا کہ کسی کو قانون ہاتھ میں لینے کی اجازت نہیں دی جائے گی اور خلاف ورزی کرنے والوں کے خلاف سخت کارروائی عمل میں لائی جائے گی شہریوں نے اس اقدام کو سراہتے ہوئے امید ظاہر کی کہ آئندہ بھی اسی طرح کے اقدامات جاری رکھے جائیں گے
1412-A/2025
ضلع ایبٹ آباد میں انتظامیہ کی جانب سے عوامی مفاد کے تحت مختلف اقدامات کئے جا رہے ہیں جن کا مقصد شہریوں کو بہتر سہولیات کی فراہمی ہے اس موقع پر متعلقہ افسران نے بتایا کہ حکومت کی ہدایات کے مطابق تمام محکمے اپنی ذمہ داریاں احسن طریقے سے سرانجام دے رہے ہیں اور عوام کے مسائل ان کی دہلیز پر حل کئے جائیں گے انہوں نے کہا کہ کسی کو قانون ہاتھ میں لینے کی اجازت نہیں دی جائے گی اور خلاف ورزی کرنے والوں کے خلاف سخت کارروائی عمل میں لائی جائے گی شہریوں نے اس اقدام کو سراہتے ہوئے امید ظاہر کی کہ آئندہ بھی اسی طرح کے اقدامات جاری رکھے جائیں گے
بقیہ
32
مکان
ضلع ایبٹ آباد میں انتظامیہ کی جانب سے عوامی مفاد کے تحت مختلف اقدامات کئے جا رہے ہیں جن کا مقصد شہریوں کو بہتر سہولیات کی فراہمی ہے اس موقع پر متعلقہ افسران نے بتایا کہ حکومت کی ہدایات کے مطابق تمام محکمے اپنی ذمہ داریاں احسن طریقے سے سرانجام دے رہے ہیں اور عوام کے مسائل ان کی دہلیز پر حل کئے جائیں گے انہوں نے کہا کہ کسی کو قانون ہاتھ میں لینے کی اجازت نہیں دی جائے گی اور خلاف ورزی کرنے والوں کے خلاف سخت کارروائی عمل میں لائی جائے گی شہریوں نے اس اقدام کو سراہتے ہوئے امید ظاہر کی کہ آئندہ بھی اسی طرح کے اقدامات جاری رکھے جائیں گے
بقیہ
33
لوفر
ضلع ایبٹ آباد میں انتظامیہ کی جانب سے عوامی مفاد کے تحت مختلف اقدامات کئے جا رہے ہیں جن کا مقصد شہریوں کو بہتر سہولیات کی فراہمی ہے اس موقع پر متعلقہ افسران نے بتایا کہ حکومت کی ہدایات کے مطابق تمام محکمے اپنی ذمہ داریاں احسن طریقے سے سرانجام دے رہے ہیں اور عوام کے مسائل ان کی دہلیز پر حل کئے جائیں گے انہوں نے کہا کہ کسی کو قانون ہاتھ میں لینے کی اجازت نہیں دی جائے گی اور خلاف ورزی کرنے والوں کے خلاف سخت کارروائی عمل میں لائی جائے گی شہریوں نے اس اقدام کو سراہتے ہوئے امید ظاہر کی کہ آئندہ بھی اسی طرح کے اقدامات جاری رکھے جائیں گے
Phulra Circle
ضلع ایبٹ آباد میں انتظامیہ کی جانب سے عوامی مفاد کے تحت مختلف اقدامات کئے جا رہے ہیں جن کا مقصد شہریوں کو بہتر سہولیات کی فراہمی ہے اس موقع پر متعلقہ افسران نے بتایا کہ حکومت کی ہدایات کے مطابق تمام محکمے اپنی ذمہ داریاں احسن طریقے سے سرانجام دے رہے ہیں اور عوام کے مسائل ان کی دہلیز پر حل کئے جائیں گے انہوں نے کہا کہ کسی کو قانون ہاتھ میں لینے کی اجازت نہیں دی جائے گی اور خلاف ورزی کرنے والوں کے خلاف سخت کارروائی عمل میں لائی جائے گی شہریوں نے اس اقدام کو سراہتے ہوئے امید ظاہر کی کہ آئندہ بھی اسی طرح کے اقدامات جاری رکھے جائیں گے
بقیہ
34
متاثر
ضلع ایبٹ آباد میں انتظامیہ کی جانب سے عوامی مفاد کے تحت مختلف اقدامات کئے جا رہے ہیں جن کا مقصد شہریوں کو بہتر سہولیات کی فراہمی ہے اس موقع پر متعلقہ افسران نے بتایا کہ حکومت کی ہدایات کے مطابق تمام محکمے اپنی ذمہ داریاں احسن طریقے سے سرانجام دے رہے ہیں اور عوام کے مسائل ان کی دہلیز پر حل کئے جائیں گے انہوں نے کہا کہ کسی کو قانون ہاتھ میں لینے کی اجازت نہیں دی جائے گی اور خلاف ورزی کرنے والوں کے خلاف سخت کارروائی عمل میں لائی جائے گی شہریوں نے اس اقدام کو سراہتے ہوئے امید ظاہر کی کہ آئندہ بھی اسی طرح کے اقدامات جاری رکھے جائیں گے
بقیہ
35
مقتل
ضلع ایبٹ آباد میں انتظامیہ کی جانب سے عوامی مفاد کے تحت مختلف اقدامات کئے جا رہے ہیں جن کا مقصد شہریوں کو بہتر سہولیات کی فراہمی ہے اس موقع پر متعلقہ افسران نے بتایا کہ حکومت کی ہدایات کے مطابق تمام محکمے اپنی ذمہ داریاں احسن طریقے سے سرانجام دے رہے ہیں اور عوام کے مسائل ان کی دہلیز پر حل کئے جائیں گے انہوں نے کہا کہ کسی کو قانون ہاتھ میں لینے کی اجازت نہیں دی جائے گی اور خلاف ورزی کرنے والوں کے خلاف سخت کارروائی عمل میں لائی جائے گی شہریوں نے اس اقدام کو سراہتے ہوئے امید ظاہر کی کہ آئندہ بھی اسی طرح کے اقدامات جاری رکھے جائیں گے
MPA
ضلع ایبٹ آباد میں انتظامیہ کی جانب سے عوامی مفاد کے تحت مختلف اقدامات کئے جا رہے ہیں جن کا مقصد شہریوں کو بہتر سہولیات کی فراہمی ہے اس موقع پر متعلقہ افسران نے بتایا کہ حکومت کی ہدایات کے مطابق تمام محکمے اپنی ذمہ داریاں احسن طریقے سے سرانجام دے رہے ہیں اور عوام کے مسائل ان کی دہلیز پر حل کئے جائیں گے انہوں نے کہا کہ کسی کو قانون ہاتھ میں لینے کی اجازت نہیں دی جائے گی اور خلاف ورزی کرنے والوں کے خلاف سخت کارروائی عمل میں لائی جائے گی شہریوں نے اس اقدام کو سراہتے ہوئے امید ظاہر کی کہ آئندہ بھی اسی طرح کے اقدامات جاری رکھے جائیں گے
بقیہ
36
تمیز احمد
ضلع ایبٹ آباد میں انتظامیہ کی جانب سے عوامی مفاد کے تحت مختلف اقدامات کئے جا رہے ہیں جن کا مقصد شہریوں کو بہتر سہولیات کی فراہمی ہے اس موقع پر متعلقہ افسران نے بتایا کہ حکومت کی ہدایات کے مطابق تمام محکمے اپنی ذمہ داریاں احسن طریقے سے سرانجام دے رہے ہیں اور عوام کے مسائل ان کی دہلیز پر حل کئے جائیں گے انہوں نے کہا کہ کسی کو قانون ہاتھ میں لینے کی اجازت نہیں دی جائے گی اور خلاف ورزی کرنے والوں کے خلاف سخت کارروائی عمل میں لائی جائے گی شہریوں نے اس اقدام کو سراہتے ہوئے امید ظاہر کی کہ آئندہ بھی اسی طرح کے اقدامات جاری رکھے جائیں گے
ضلع ایبٹ آباد میں انتظامیہ کی جانب سے عوامی مفاد کے تحت مختلف اقدامات کئے جا رہے ہیں جن کا مقصد شہریوں کو بہتر سہولیات کی فراہمی ہے اس موقع پر متعلقہ افسران نے بتایا کہ حکومت کی ہدایات کے مطابق تمام محکمے اپنی ذمہ داریاں احسن طریقے سے سرانجام دے رہے ہیں اور عوام کے مسائل ان کی دہلیز پر حل کئے جائیں گے انہوں نے کہا کہ کسی کو قانون ہاتھ میں لینے کی اجازت نہیں دی جائے گی اور خلاف ورزی کرنے والوں کے خلاف سخت کارروائی عمل میں لائی جائے گی شہریوں نے اس اقدام کو سراہتے ہوئے امید ظاہر کی کہ آئندہ بھی اسی طرح کے اقدامات جاری رکھے جائیں گے ضلع ایبٹ آباد میں انتظامیہ کی جانب سے عوامی مفاد کے تحت مختلف اقدامات کئے جا رہے ہیں جن کا مقصد شہریوں کو بہتر سہولیات کی فراہمی ہے اس موقع پر متعلقہ افسران نے بتایا کہ حکومت کی ہدایات کے مطابق تمام محکمے اپنی ذمہ داریاں احسن طریقے سے سرانجام دے رہے ہیں اور عوام کے مسائل ان کی دہلیز پر حل کئے جائیں گے انہوں نے کہا کہ کسی کو قانون ہاتھ میں لینے کی اجازت نہیں دی جائے گی اور خلاف ورزی کرنے والوں کے خلاف سخت کارروائی عمل میں لائی جائے گی شہریوں نے اس اقدام کو سراہتے ہوئے امید ظاہر کی کہ آئندہ بھی اسی طرح کے اقدامات جاری رکھے جائیں گے ضلع ایبٹ آباد میں انتظامیہ کی جانب سے عوامی مفاد کے تحت مختلف اقدامات کئے جا رہے ہیں جن کا مقصد شہریوں کو بہتر سہولیات کی فراہمی ہے اس موقع پر متعلقہ افسران نے بتایا کہ حکومت کی ہدایات کے مطابق تمام محکمے اپنی ذمہ داریاں احسن طریقے سے سرانجام دے رہے ہیں اور عوام کے مسائل ان کی دہلیز پر حل کئے جائیں گے انہوں نے کہا کہ کسی کو قانون ہاتھ میں لینے کی اجازت نہیں دی جائے گی اور خلاف ورزی کرنے والوں کے خلاف سخت کارروائی عمل میں لائی جائے گی شہریوں نے اس اقدام کو سراہتے ہوئے امید ظاہر کی کہ آئندہ بھی اسی طرح کے اقدامات جاری رکھے جائیں گے
بقیہ
37
خدمت
ضلع ایبٹ آباد میں انتظامیہ کی جانب سے عوامی مفاد کے تحت مختلف اقدامات کئے جا رہے ہیں جن کا مقصد شہریوں کو بہتر سہولیات کی فراہمی ہے اس موقع پر متعلقہ افسران نے بتایا کہ حکومت کی ہدایات کے مطابق تمام محکمے اپنی ذمہ داریاں احسن طریقے سے سرانجام دے رہے ہیں اور عوام کے مسائل ان کی دہلیز پر حل کئے جائیں گے انہوں نے کہا کہ کسی کو قانون ہاتھ میں لینے کی اجازت نہیں دی جائے گی اور خلاف ورزی کرنے والوں کے خلاف سخت کارروائی عمل میں لائی جائے گی شہریوں نے اس اقدام کو سراہتے ہوئے امید ظاہر کی کہ آئندہ بھی اسی طرح کے اقدامات جاری رکھے جائیں گے
بقیہ
38
مقدمہ
ضلع ایبٹ آباد میں انتظامیہ کی جانب سے عوامی مفاد کے تحت مختلف اقدامات کئے جا رہے ہیں جن کا مقصد شہریوں کو بہتر سہولیات کی فراہمی ہے اس موقع پر متعلقہ افسران نے بتایا کہ حکومت کی ہدایات کے مطابق تمام محکمے اپنی ذمہ داریاں احسن طریقے سے سرانجام دے رہے ہیں اور عوام کے مسائل ان کی دہلیز پر حل کئے جائیں گے انہوں نے کہا کہ کسی کو قانون ہاتھ میں لینے کی اجازت نہیں دی جائے گی اور خلاف ورزی کرنے والوں کے خلاف سخت کارروائی عمل میں لائی جائے گی شہریوں نے اس اقدام کو سراہتے ہوئے امید ظاہر کی کہ آئندہ بھی اسی طرح کے اقدامات جاری رکھے جائیں گے
بقیہ
39
منشیات
ضلع ایبٹ آباد میں انتظامیہ کی جانب سے عوامی مفاد کے تحت مختلف اقدامات کئے جا رہے ہیں جن کا مقصد شہریوں کو بہتر سہولیات کی فراہمی ہے اس موقع پر متعلقہ افسران نے بتایا کہ حکومت کی ہدایات کے مطابق تمام محکمے اپنی ذمہ داریاں احسن طریقے سے سرانجام دے رہے ہیں اور عوام کے مسائل ان کی دہلیز پر حل کئے جائیں گے انہوں نے کہا کہ کسی کو قانون ہاتھ میں لینے کی اجازت نہیں دی جائے گی اور خلاف ورزی کرنے والوں کے خلاف سخت کارروائی عمل میں لائی جائے گی شہریوں نے اس اقدام کو سراہتے ہوئے امید ظاہر کی کہ آئندہ بھی اسی طرح کے اقدامات جاری رکھے جائیں گے
بقیہ
40
بیان
ضلع ایبٹ آباد میں انتظامیہ کی جانب سے عوامی مفاد کے تحت مختلف اقدامات کئے جا رہے ہیں جن کا مقصد شہریوں کو بہتر سہولیات کی فراہمی ہے اس موقع پر متعلقہ افسران نے بتایا کہ حکومت کی ہدایات کے مطابق تمام محکمے اپنی ذمہ داریاں احسن طریقے سے سرانجام دے رہے ہیں اور عوام کے مسائل ان کی دہلیز پر حل کئے جائیں گے انہوں نے کہا کہ کسی کو قانون ہاتھ میں لینے کی اجازت نہیں دی جائے گی اور خلاف ورزی کرنے والوں کے خلاف سخت کارروائی عمل میں لائی جائے گی شہریوں نے اس اقدام کو سراہتے ہوئے امید ظاہر کی کہ آئندہ بھی اسی طرح کے اقدامات جاری رکھے جائیں گے
بقیہ
41
چرچ
ضلع ایبٹ آباد میں انتظامیہ کی جانب سے عوامی مفاد کے تحت مختلف اقدامات کئے جا رہے ہیں جن کا مقصد شہریوں کو بہتر سہولیات کی فراہمی ہے اس موقع پر متعلقہ افسران نے بتایا کہ حکومت کی ہدایات کے مطابق تمام محکمے اپنی ذمہ داریاں احسن طریقے سے سرانجام دے رہے ہیں اور عوام کے مسائل ان کی دہلیز پر حل کئے جائیں گے انہوں نے کہا کہ کسی کو قانون ہاتھ میں لینے کی اجازت نہیں دی جائے گی اور خلاف ورزی کرنے والوں کے خلاف سخت کارروائی عمل میں لائی جائے گی شہریوں نے اس اقدام کو سراہتے ہوئے امید ظاہر کی کہ آئندہ بھی اسی طرح کے اقدامات جاری رکھے جائیں گے
بقیہ
42
ہزاروی
ضلع ایبٹ آباد میں انتظامیہ کی جانب سے عوامی مفاد کے تحت مختلف اقدامات کئے جا رہے ہیں جن کا مقصد شہریوں کو بہتر سہولیات کی فراہمی ہے اس موقع پر متعلقہ افسران نے بتایا کہ حکومت کی ہدایات کے مطابق تمام محکمے اپنی ذمہ داریاں احسن طریقے سے سرانجام دے رہے ہیں اور عوام کے مسائل ان کی دہلیز پر حل کئے جائیں گے انہوں نے کہا کہ کسی کو قانون ہاتھ میں لینے کی اجازت نہیں دی جائے گی اور خلاف ورزی کرنے والوں کے خلاف سخت کارروائی عمل میں لائی جائے گی شہریوں نے اس اقدام کو سراہتے ہوئے امید ظاہر کی کہ آئندہ بھی اسی طرح کے اقدامات جاری رکھے جائیں گے
ضلع ایبٹ آباد میں انتظامیہ کی جانب سے عوامی مفاد کے تحت مختلف اقدامات کئے جا رہے ہیں جن کا مقصد شہریوں کو بہتر سہولیات کی فراہمی ہے اس موقع پر متعلقہ افسران نے بتایا کہ حکومت کی ہدایات کے مطابق تمام محکمے اپنی ذمہ داریاں احسن طریقے سے سرانجام دے رہے ہیں اور عوام کے مسائل ان کی دہلیز پر حل کئے جائیں گے انہوں نے کہا کہ کسی کو قانون ہاتھ میں لینے کی اجازت نہیں دی جائے گی اور خلاف ورزی کرنے والوں کے خلاف سخت کارروائی عمل میں لائی جائے گی شہریوں نے اس اقدام کو سراہتے ہوئے امید ظاہر کی کہ آئندہ بھی اسی طرح کے اقدامات جاری رکھے جائیں گے ضلع ایبٹ آباد میں انتظامیہ کی جانب سے عوامی مفاد کے تحت مختلف اقدامات کئے جا رہے ہیں جن کا مقصد شہریوں کو بہتر سہولیات کی فراہمی ہے اس موقع پر متعلقہ افسران نے بتایا کہ حکومت کی ہدایات کے مطابق تمام محکمے اپنی ذمہ داریاں احسن طریقے سے سرانجام دے رہے ہیں اور عوام کے مسائل ان کی دہلیز پر حل کئے جائیں گے انہوں نے کہا کہ کسی کو قانون ہاتھ میں لینے کی اجازت نہیں دی جائے گی اور خلاف ورزی کرنے والوں کے خلاف سخت کارروائی عمل میں لائی جائے گی شہریوں نے اس اقدام کو سراہتے ہوئے امید ظاہر کی کہ آئندہ بھی اسی طرح کے اقدامات جاری رکھے جائیں گے ضلع ایبٹ آباد میں انتظامیہ کی جانب سے عوامی مفاد کے تحت مختلف اقدامات کئے جا رہے ہیں جن کا مقصد شہریوں کو بہتر سہولیات کی فراہمی ہے اس موقع پر متعلقہ افسران نے بتایا کہ حکومت کی ہدایات کے مطابق تمام محکمے اپنی ذمہ داریاں احسن طریقے سے سرانجام دے رہے ہیں اور عوام کے مسائل ان کی دہلیز پر حل کئے جائیں گے انہوں نے کہا کہ کسی کو قانون ہاتھ میں لینے کی اجازت نہیں دی جائے گی اور خلاف ورزی کرنے والوں کے خلاف سخت کارروائی عمل میں لائی جائے گی شہریوں نے اس اقدام کو سراہتے ہوئے امید ظاہر کی کہ آئندہ بھی اسی طرح کے اقدامات جاری رکھے جائیں گے
بقیہ
43
مہم
ضلع ایبٹ آباد میں انتظامیہ کی جانب سے عوامی مفاد کے تحت مختلف اقدامات کئے جا رہے ہیں جن کا مقصد شہریوں کو بہتر سہولیات کی فراہمی ہے اس موقع پر متعلقہ افسران نے بتایا کہ حکومت کی ہدایات کے مطابق تمام محکمے اپنی ذمہ داریاں احسن طریقے سے سرانجام دے رہے ہیں اور عوام کے مسائل ان کی دہلیز پر حل کئے جائیں گے انہوں نے کہا کہ کسی کو قانون ہاتھ میں لینے کی اجازت نہیں دی جائے گی اور خلاف ورزی کرنے والوں کے خلاف سخت کارروائی عمل میں لائی جائے گی شہریوں نے اس اقدام کو سراہتے ہوئے امید ظاہر کی کہ آئندہ بھی اسی طرح کے اقدامات جاری رکھے جائیں گے
بقیہ
44
سلسلہ
ضلع ایبٹ آباد میں انتظامیہ کی جانب سے عوامی مفاد کے تحت مختلف اقدامات کئے جا رہے ہیں جن کا مقصد شہریوں کو بہتر سہولیات کی فراہمی ہے اس موقع پر متعلقہ افسران نے بتایا کہ حکومت کی ہدایات کے مطابق تمام محکمے اپنی ذمہ داریاں احسن طریقے سے سرانجام دے رہے ہیں اور عوام کے مسائل ان کی دہلیز پر حل کئے جائیں گے انہوں نے کہا کہ کسی کو قانون ہاتھ میں لینے کی اجازت نہیں دی جائے گی اور خلاف ورزی کرنے والوں کے خلاف سخت کارروائی عمل میں لائی جائے گی شہریوں نے اس اقدام کو سراہتے ہوئے امید ظاہر کی کہ آئندہ بھی اسی طرح کے اقدامات جاری رکھے جائیں گے
بقیہ
45
شیلڈز
ضلع ایبٹ آباد میں انتظامیہ کی جانب سے عوامی مفاد کے تحت مختلف اقدامات کئے جا رہے ہیں جن کا مقصد شہریوں کو بہتر سہولیات کی فراہمی ہے اس موقع پر متعلقہ افسران نے بتایا کہ حکومت کی ہدایات کے مطابق تمام محکمے اپنی ذمہ داریاں احسن طریقے سے سرانجام دے رہے ہیں اور عوام کے مسائل ان کی دہلیز پر حل کئے جائیں گے انہوں نے کہا کہ کسی کو قانون ہاتھ میں لینے کی اجازت نہیں دی جائے گی اور خلاف ورزی کرنے والوں کے خلاف سخت کارروائی عمل میں لائی جائے گی شہریوں نے اس اقدام کو سراہتے ہوئے امید ظاہر کی کہ آئندہ بھی اسی طرح کے اقدامات جاری رکھے جائیں گے
بقیہ
46
اراضی
ضلع ایبٹ آباد میں انتظامیہ کی جانب سے عوامی مفاد کے تحت مختلف اقدامات کئے جا رہے ہیں جن کا مقصد شہریوں کو بہتر سہولیات کی فراہمی ہے اس موقع پر متعلقہ افسران نے بتایا کہ حکومت کی ہدایات کے مطابق تمام محکمے اپنی ذمہ داریاں احسن طریقے سے سرانجام دے رہے ہیں اور عوام کے مسائل ان کی دہلیز پر حل کئے جائیں گے انہوں نے کہا کہ کسی کو قانون ہاتھ میں لینے کی اجازت نہیں دی جائے گی اور خلاف ورزی کرنے والوں کے خلاف سخت کارروائی عمل میں لائی جائے گی شہریوں نے اس اقدام کو سراہتے ہوئے امید ظاہر کی کہ آئندہ بھی اسی طرح کے اقدامات جاری رکھے جائیں گے
بقیہ
47
مقدمات
ضلع ایبٹ آباد میں انتظامیہ کی جانب سے عوامی مفاد کے تحت مختلف اقدامات کئے جا رہے ہیں جن کا مقصد شہریوں کو بہتر سہولیات کی فراہمی ہے اس موقع پر متعلقہ افسران نے بتایا کہ حکومت کی ہدایات کے مطابق تمام محکمے اپنی ذمہ داریاں احسن طریقے سے سرانجام دے رہے ہیں اور عوام کے مسائل ان کی دہلیز پر حل کئے جائیں گے انہوں نے کہا کہ کسی کو قانون ہاتھ میں لینے کی اجازت نہیں دی جائے گی اور خلاف ورزی کرنے والوں کے خلاف سخت کارروائی عمل میں لائی جائے گی شہریوں نے اس اقدام کو سراہتے ہوئے امید ظاہر کی کہ آئندہ بھی اسی طرح کے اقدامات جاری رکھے جائیں گے
بقیہ
48
اوگی
ضلع ایبٹ آباد میں انتظامیہ کی جانب سے عوامی مفاد کے تحت مختلف اقدامات کئے جا رہے ہیں جن کا مقصد شہریوں کو بہتر سہولیات کی فراہمی ہے اس موقع پر متعلقہ افسران نے بتایا کہ حکومت کی ہدایات کے مطابق تمام محکمے اپنی ذمہ داریاں احسن طریقے سے سرانجام دے رہے ہیں اور عوام کے مسائل ان کی دہلیز پر حل کئے جائیں گے انہوں نے کہا کہ کسی کو قانون ہاتھ میں لینے کی اجازت نہیں دی جائے گی اور خلاف ورزی کرنے والوں کے خلاف سخت کارروائی عمل میں لائی جائے گی شہریوں نے اس اقدام کو سراہتے ہوئے امید ظاہر کی کہ آئندہ بھی اسی طرح کے اقدامات جاری رکھے جائیں گے
بقیہ
49
مرمت
ضلع ایبٹ آباد میں انتظامیہ کی جانب سے عوامی مفاد کے تحت مختلف اقدامات کئے جا رہے ہیں جن کا مقصد شہریوں کو بہتر سہولیات کی فراہمی ہے اس موقع پر متعلقہ افسران نے بتایا کہ حکومت کی ہدایات کے مطابق تمام محکمے اپنی ذمہ داریاں احسن طریقے سے سرانجام دے رہے ہیں اور عوام کے مسائل ان کی دہلیز پر حل کئے جائیں گے انہوں نے کہا کہ کسی کو قانون ہاتھ میں لینے کی اجازت نہیں دی جائے گی اور خلاف ورزی کرنے والوں کے خلاف سخت کارروائی عمل میں لائی جائے گی شہریوں نے اس اقدام کو سراہتے ہوئے امید ظاہر کی کہ آئندہ بھی اسی طرح کے اقدامات جاری رکھے جائیں گے
بقیہ
50
مطالبہ
ضلع ایبٹ آباد میں انتظامیہ کی جانب سے عوامی مفاد کے تحت مختلف اقدامات کئے جا رہے ہیں جن کا مقصد شہریوں کو بہتر سہولیات کی فراہمی ہے اس موقع پر متعلقہ افسران نے بتایا کہ حکومت کی ہدایات کے مطابق تمام محکمے اپنی ذمہ داریاں احسن طریقے سے سرانجام دے رہے ہیں اور عوام کے مسائل ان کی دہلیز پر حل کئے جائیں گے انہوں نے کہا کہ کسی کو قانون ہاتھ میں لینے کی اجازت نہیں دی جائے گی اور خلاف ورزی کرنے والوں کے خلاف سخت کارروائی عمل میں لائی جائے گی شہریوں نے اس اقدام کو سراہتے ہوئے امید ظاہر کی کہ آئندہ بھی اسی طرح کے اقدامات جاری رکھے جائیں گے
بقیہ
51
وسائل
ضلع ایبٹ آباد میں انتظامیہ کی جانب سے عوامی مفاد کے تحت مختلف اقدامات کئے جا رہے ہیں جن کا مقصد شہریوں کو بہتر سہولیات کی فراہمی ہے اس موقع پر متعلقہ افسران نے بتایا کہ حکومت کی ہدایات کے مطابق تمام محکمے اپنی ذمہ داریاں احسن طریقے سے سرانجام دے رہے ہیں اور عوام کے مسائل ان کی دہلیز پر حل کئے جائیں گے انہوں نے کہا کہ کسی کو قانون ہاتھ میں لینے کی اجازت نہیں دی جائے گی اور خلاف ورزی کرنے والوں کے خلاف سخت کارروائی عمل میں لائی جائے گی شہریوں نے اس اقدام کو سراہتے ہوئے امید ظاہر کی کہ آئندہ بھی اسی طرح کے اقدامات جاری رکھے جائیں گے
بقیہ
52
اعتراف
ضلع ایبٹ آباد میں انتظامیہ کی جانب سے عوامی مفاد کے تحت مختلف اقدامات کئے جا رہے ہیں جن کا مقصد شہریوں کو بہتر سہولیات کی فراہمی ہے اس موقع پر متعلقہ افسران نے بتایا کہ حکومت کی ہدایات کے مطابق تمام محکمے اپنی ذمہ داریاں احسن طریقے سے سرانجام دے رہے ہیں اور عوام کے مسائل ان کی دہلیز پر حل کئے جائیں گے انہوں نے کہا کہ کسی کو قانون ہاتھ میں لینے کی اجازت نہیں دی جائے گی اور خلاف ورزی کرنے والوں کے خلاف سخت کارروائی عمل میں لائی جائے گی شہریوں نے اس اقدام کو سراہتے ہوئے امید ظاہر کی کہ آئندہ بھی اسی طرح کے اقدامات جاری رکھے جائیں گے
بقیہ
53
خدمت
ضلع ایبٹ آباد میں انتظامیہ کی جانب سے عوامی مفاد کے تحت مختلف اقدامات کئے جا رہے ہیں جن کا مقصد شہریوں کو بہتر سہولیات کی فراہمی ہے اس موقع پر متعلقہ افسران نے بتایا کہ حکومت کی ہدایات کے مطابق تمام محکمے اپنی ذمہ داریاں احسن طریقے سے سرانجام دے رہے ہیں اور عوام کے مسائل ان کی دہلیز پر حل کئے جائیں گے انہوں نے کہا کہ کسی کو قانون ہاتھ میں لینے کی اجازت نہیں دی جائے گی اور خلاف ورزی کرنے والوں کے خلاف سخت کارروائی عمل میں لائی جائے گی شہریوں نے اس اقدام کو سراہتے ہوئے امید ظاہر کی کہ آئندہ بھی اسی طرح کے اقدامات جاری رکھے جائیں گے
بقیہ
54
مذاکرات
ضلع ایبٹ آباد میں انتظامیہ کی جانب سے عوامی مفاد کے تحت مختلف اقدامات کئے جا رہے ہیں جن کا مقصد شہریوں کو بہتر سہولیات کی فراہمی ہے اس موقع پر متعلقہ افسران نے بتایا کہ حکومت کی ہدایات کے مطابق تمام محکمے اپنی ذمہ داریاں احسن طریقے سے سرانجام دے رہے ہیں اور عوام کے مسائل ان کی دہلیز پر حل کئے جائیں گے انہوں نے کہا کہ کسی کو قانون ہاتھ میں لینے کی اجازت نہیں دی جائے گی اور خلاف ورزی کرنے والوں کے خلاف سخت کارروائی عمل میں لائی جائے گی شہریوں نے اس اقدام کو سراہتے ہوئے امید ظاہر کی کہ آئندہ بھی اسی طرح کے اقدامات جاری رکھے جائیں گے
ضلع ایبٹ آباد میں انتظامیہ کی جانب سے عوامی مفاد کے تحت مختلف اقدامات کئے جا رہے ہیں جن کا مقصد شہریوں کو بہتر سہولیات کی فراہمی ہے اس موقع پر متعلقہ افسران نے بتایا کہ حکومت کی ہدایات کے مطابق تمام محکمے اپنی ذمہ داریاں احسن طریقے سے سرانجام دے رہے ہیں اور عوام کے مسائل ان کی دہلیز پر حل کئے جائیں گے انہوں نے کہا کہ کسی کو قانون ہاتھ میں لینے کی اجازت نہیں دی جائے گی اور خلاف ورزی کرنے والوں کے خلاف سخت کارروائی عمل میں لائی جائے گی شہریوں نے اس اقدام کو سراہتے ہوئے امید ظاہر کی کہ آئندہ بھی اسی طرح کے اقدامات جاری رکھے جائیں گے ضلع ایبٹ آباد میں انتظامیہ کی جانب سے عوامی مفاد کے تحت مختلف اقدامات کئے جا رہے ہیں جن کا مقصد شہریوں کو بہتر سہولیات کی فراہمی ہے اس موقع پر متعلقہ افسران نے بتایا کہ حکومت کی ہدایات کے مطابق تمام محکمے اپنی ذمہ داریاں احسن طریقے سے سرانجام دے رہے ہیں اور عوام کے مسائل ان کی دہلیز پر حل کئے جائیں گے انہوں نے کہا کہ کسی کو قانون ہاتھ میں لینے کی اجازت نہیں دی جائے گی اور خلاف ورزی کرنے والوں کے خلاف سخت کارروائی عمل میں لائی جائے گی شہریوں نے اس اقدام کو سراہتے ہوئے امید ظاہر کی کہ آئندہ بھی اسی طرح کے اقدامات جاری رکھے جائیں گے ضلع ایبٹ آباد میں انتظامیہ کی جانب سے عوامی مفاد کے تحت مختلف اقدامات کئے جا رہے ہیں جن کا مقصد شہریوں کو بہتر سہولیات کی فراہمی ہے اس موقع پر متعلقہ افسران نے بتایا کہ حکومت کی ہدایات کے مطابق تمام محکمے اپنی ذمہ داریاں احسن طریقے سے سرانجام دے رہے ہیں اور عوام کے مسائل ان کی دہلیز پر حل کئے جائیں گے انہوں نے کہا کہ کسی کو قانون ہاتھ میں لینے کی اجازت نہیں دی جائے گی اور خلاف ورزی کرنے والوں کے خلاف سخت کارروائی عمل میں لائی جائے گی شہریوں نے اس اقدام کو سراہتے ہوئے امید ظاہر کی کہ آئندہ بھی اسی طرح کے اقدامات جاری رکھے جائیں گے
بقیہ
55
شیلڈ
ضلع ایبٹ آباد میں انتظامیہ کی جانب سے عوامی مفاد کے تحت مختلف اقدامات کئے جا رہے ہیں جن کا مقصد شہریوں کو بہتر سہولیات کی فراہمی ہے اس موقع پر متعلقہ افسران نے بتایا کہ حکومت کی ہدایات کے مطابق تمام محکمے اپنی ذمہ داریاں احسن طریقے سے سرانجام دے رہے ہیں اور عوام کے مسائل ان کی دہلیز پر حل کئے جائیں گے انہوں نے کہا کہ کسی کو قانون ہاتھ میں لینے کی اجازت نہیں دی جائے گی اور خلاف ورزی کرنے والوں کے خلاف سخت کارروائی عمل میں لائی جائے گی شہریوں نے اس اقدام کو سراہتے ہوئے امید ظاہر کی کہ آئندہ بھی اسی طرح کے اقدامات جاری رکھے جائیں گے
بقیہ
56
کمیٹی
ضلع ایبٹ آباد میں انتظامیہ کی جانب سے عوامی مفاد کے تحت مختلف اقدامات کئے جا رہے ہیں جن کا مقصد شہریوں کو بہتر سہولیات کی فراہمی ہے اس موقع پر متعلقہ افسران نے بتایا کہ حکومت کی ہدایات کے مطابق تمام محکمے اپنی ذمہ داریاں احسن طریقے سے سرانجام دے رہے ہیں اور عوام کے مسائل ان کی دہلیز پر حل کئے جائیں گے انہوں نے کہا کہ کسی کو قانون ہاتھ میں لینے کی اجازت نہیں دی جائے گی اور خلاف ورزی کرنے والوں کے خلاف سخت کارروائی عمل میں لائی جائے گی شہریوں نے اس اقدام کو سراہتے ہوئے امید ظاہر کی کہ آئندہ بھی اسی طرح کے اقدامات جاری رکھے جائیں گے
بقیہ
57
اصلاحات
ضلع ایبٹ آباد میں انتظامیہ کی جانب سے عوامی مفاد کے تحت مختلف اقدامات کئے جا رہے ہیں جن کا مقصد شہریوں کو بہتر سہولیات کی فراہمی ہے اس موقع پر متعلقہ افسران نے بتایا کہ حکومت کی ہدایات کے مطابق تمام محکمے اپنی ذمہ داریاں احسن طریقے سے سرانجام دے رہے ہیں اور عوام کے مسائل ان کی دہلیز پر حل کئے جائیں گے انہوں نے کہا کہ کسی کو قانون ہاتھ میں لینے کی اجازت نہیں دی جائے گی اور خلاف ورزی کرنے والوں کے خلاف سخت کارروائی عمل میں لائی جائے گی شہریوں نے اس اقدام کو سراہتے ہوئے امید ظاہر کی کہ آئندہ بھی اسی طرح کے اقدامات جاری رکھے جائیں گے
بقیہ
58
وزیر اعلیٰ
ضلع ایبٹ آباد میں انتظامیہ کی جانب سے عوامی مفاد کے تحت مختلف اقدامات کئے جا رہے ہیں جن کا مقصد شہریوں کو بہتر سہولیات کی فراہمی ہے اس موقع پر متعلقہ افسران نے بتایا کہ حکومت کی ہدایات کے مطابق تمام محکمے اپنی ذمہ داریاں احسن طریقے سے سرانجام دے رہے ہیں اور عوام کے مسائل ان کی دہلیز پر حل کئے جائیں گے انہوں نے کہا کہ کسی کو قانون ہاتھ میں لینے کی اجازت نہیں دی جائے گی اور خلاف ورزی کرنے والوں کے خلاف سخت کارروائی عمل میں لائی جائے گی شہریوں نے اس اقدام کو سراہتے ہوئے امید ظاہر کی کہ آئندہ بھی اسی طرح کے اقدامات جاری رکھے جائیں گے
بقیہ
59
تاج محمد
ضلع ایبٹ آباد میں انتظامیہ کی جانب سے عوامی مفاد کے تحت مختلف اقدامات کئے جا رہے ہیں جن کا مقصد شہریوں کو بہتر سہولیات کی فراہمی ہے اس موقع پر متعلقہ افسران نے بتایا کہ حکومت کی ہدایات کے مطابق تمام محکمے اپنی ذمہ داریاں احسن طریقے سے سرانجام دے رہے ہیں اور عوام کے مسائل ان کی دہلیز پر حل کئے جائیں گے انہوں نے کہا کہ کسی کو قانون ہاتھ میں لینے کی اجازت نہیں دی جائے گی اور خلاف ورزی کرنے والوں کے خلاف سخت کارروائی عمل میں لائی جائے گی شہریوں نے اس اقدام کو سراہتے ہوئے امید ظاہر کی کہ آئندہ بھی اسی طرح کے اقدامات جاری رکھے جائیں گے
بقیہ
60
وسائل
ضلع ایبٹ آباد میں انتظامیہ کی جانب سے عوامی مفاد کے تحت مختلف اقدامات کئے جا رہے ہیں جن کا مقصد شہریوں کو بہتر سہولیات کی فراہمی ہے اس موقع پر متعلقہ افسران نے بتایا کہ حکومت کی ہدایات کے مطابق تمام محکمے اپنی ذمہ داریاں احسن طریقے سے سرانجام دے رہے ہیں اور عوام کے مسائل ان کی دہلیز پر حل کئے جائیں گے انہوں نے کہا کہ کسی کو قانون ہاتھ میں لینے کی اجازت نہیں دی جائے گی اور خلاف ورزی کرنے والوں کے خلاف سخت کارروائی عمل میں لائی جائے گی شہریوں نے اس اقدام کو سراہتے ہوئے امید ظاہر کی کہ آئندہ بھی اسی طرح کے اقدامات جاری رکھے جائیں گے
بقیہ
61
داداور خان
ضلع ایبٹ آباد میں انتظامیہ کی جانب سے عوامی مفاد کے تحت مختلف اقدامات کئے جا رہے ہیں جن کا مقصد شہریوں کو بہتر سہولیات کی فراہمی ہے اس موقع پر متعلقہ افسران نے بتایا کہ حکومت کی ہدایات کے مطابق تمام محکمے اپنی ذمہ داریاں احسن طریقے سے سرانجام دے رہے ہیں اور عوام کے مسائل ان کی دہلیز پر حل کئے جائیں گے انہوں نے کہا کہ کسی کو قانون ہاتھ میں لینے کی اجازت نہیں دی جائے گی اور خلاف ورزی کرنے والوں کے خلاف سخت کارروائی عمل میں لائی جائے گی شہریوں نے اس اقدام کو سراہتے ہوئے امید ظاہر کی کہ آئندہ بھی اسی طرح کے اقدامات جاری رکھے جائیں گے
ضلع ایبٹ آباد میں انتظامیہ کی جانب سے عوامی مفاد کے تحت مختلف اقدامات کئے جا رہے ہیں جن کا مقصد شہریوں کو بہتر سہولیات کی فراہمی ہے اس موقع پر متعلقہ افسران نے بتایا کہ حکومت کی ہدایات کے مطابق تمام محکمے اپنی ذمہ داریاں احسن طریقے سے سرانجام دے رہے ہیں اور عوام کے مسائل ان کی دہلیز پر حل کئے جائیں گے انہوں نے کہا کہ کسی کو قانون ہاتھ میں لینے کی اجازت نہیں دی جائے گی اور خلاف ورزی کرنے والوں کے خلاف سخت کارروائی عمل میں لائی جائے گی شہریوں نے اس اقدام کو سراہتے ہوئے امید ظاہر کی کہ آئندہ بھی اسی طرح کے اقدامات جاری رکھے جائیں گے ضلع ایبٹ آباد میں انتظامیہ کی جانب سے عوامی مفاد کے تحت مختلف اقدامات کئے جا رہے ہیں جن کا مقصد شہریوں کو بہتر سہولیات کی فراہمی ہے اس موقع پر متعلقہ افسران نے بتایا کہ حکومت کی ہدایات کے مطابق تمام محکمے اپنی ذمہ داریاں احسن طریقے سے سرانجام دے رہے ہیں اور عوام کے مسائل ان کی دہلیز پر حل کئے جائیں گے انہوں نے کہا کہ کسی کو قانون ہاتھ میں لینے کی اجازت نہیں دی جائے گی اور خلاف ورزی کرنے والوں کے خلاف سخت کارروائی عمل میں لائی جائے گی شہریوں نے اس اقدام کو سراہتے ہوئے امید ظاہر کی کہ آئندہ بھی اسی طرح کے اقدامات جاری رکھے جائیں گے ضلع ایبٹ آباد میں انتظامیہ کی جانب سے عوامی مفاد کے تحت مختلف اقدامات کئے جا رہے ہیں جن کا مقصد شہریوں کو بہتر سہولیات کی فراہمی ہے اس موقع پر متعلقہ افسران نے بتایا کہ حکومت کی ہدایات کے مطابق تمام محکمے اپنی ذمہ داریاں احسن طریقے سے سرانجام دے رہے ہیں اور عوام کے مسائل ان کی دہلیز پر حل کئے جائیں گے انہوں نے کہا کہ کسی کو قانون ہاتھ میں لینے کی اجازت نہیں دی جائے گی اور خلاف ورزی کرنے والوں کے خلاف سخت کارروائی عمل میں لائی جائے گی شہریوں نے اس اقدام کو سراہتے ہوئے امید ظاہر کی کہ آئندہ بھی اسی طرح کے اقدامات جاری رکھے جائیں گے
